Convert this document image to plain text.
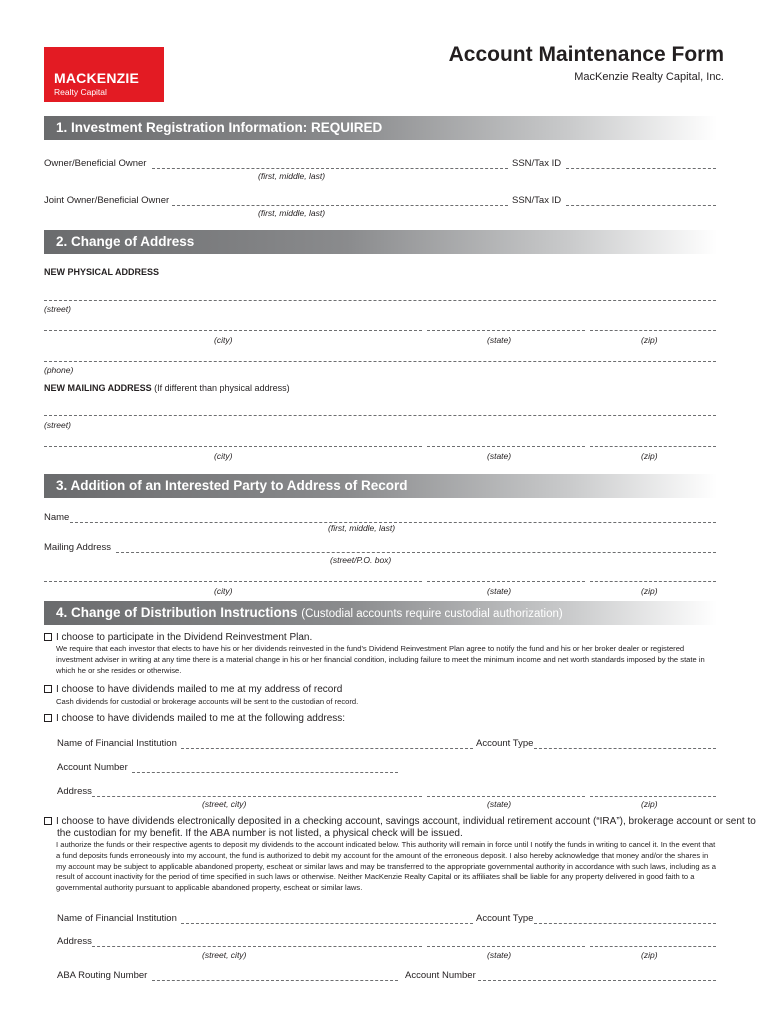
MACKENZIE
Realty Capital
Account Maintenance Form
MacKenzie Realty Capital, Inc.
1. Investment Registration Information: REQUIRED
Owner/Beneficial Owner	SSN/Tax ID
(first, middle, last)
Joint Owner/Beneficial Owner	SSN/Tax ID
(first, middle, last)
2. Change of Address
NEW PHYSICAL ADDRESS
(street)
(city)	(state)	(zip)
(phone)
NEW MAILING ADDRESS (If different than physical address)
(street)
(city)	(state)	(zip)
3. Addition of an Interested Party to Address of Record
Name
(first, middle, last)
Mailing Address
(street/P.O. box)
(city)	(state)	(zip)
4. Change of Distribution Instructions (Custodial accounts require custodial authorization)
I choose to participate in the Dividend Reinvestment Plan.
We require that each investor that elects to have his or her dividends reinvested in the fund's Dividend Reinvestment Plan agree to notify the fund and his or her broker dealer or registered investment adviser in writing at any time there is a material change in his or her financial condition, including failure to meet the minimum income and net worth standards imposed by the state in which he or she resides or otherwise.
I choose to have dividends mailed to me at my address of record
Cash dividends for custodial or brokerage accounts will be sent to the custodian of record.
I choose to have dividends mailed to me at the following address:
Name of Financial Institution	Account Type
Account Number
Address
(street, city)	(state)	(zip)
I choose to have dividends electronically deposited in a checking account, savings account, individual retirement account (“IRA”), brokerage account or sent to
the custodian for my benefit. If the ABA number is not listed, a physical check will be issued.
I authorize the funds or their respective agents to deposit my dividends to the account indicated below. This authority will remain in force until I notify the funds in writing to cancel it. In the event that a fund deposits funds erroneously into my account, the fund is authorized to debit my account for the amount of the erroneous deposit. I also hereby acknowledge that money and/or the shares in my account may be subject to applicable abandoned property, escheat or similar laws and may be transferred to the appropriate governmental authority in accordance with such laws, including as a result of account inactivity for the period of time specified in such laws or otherwise. Neither MacKenzie Realty Capital or its affiliates shall be liable for any property delivered in good faith to a governmental authority pursuant to applicable abandoned property, escheat or similar laws.
Name of Financial Institution	Account Type
Address
(street, city)	(state)	(zip)
ABA Routing Number	Account Number
